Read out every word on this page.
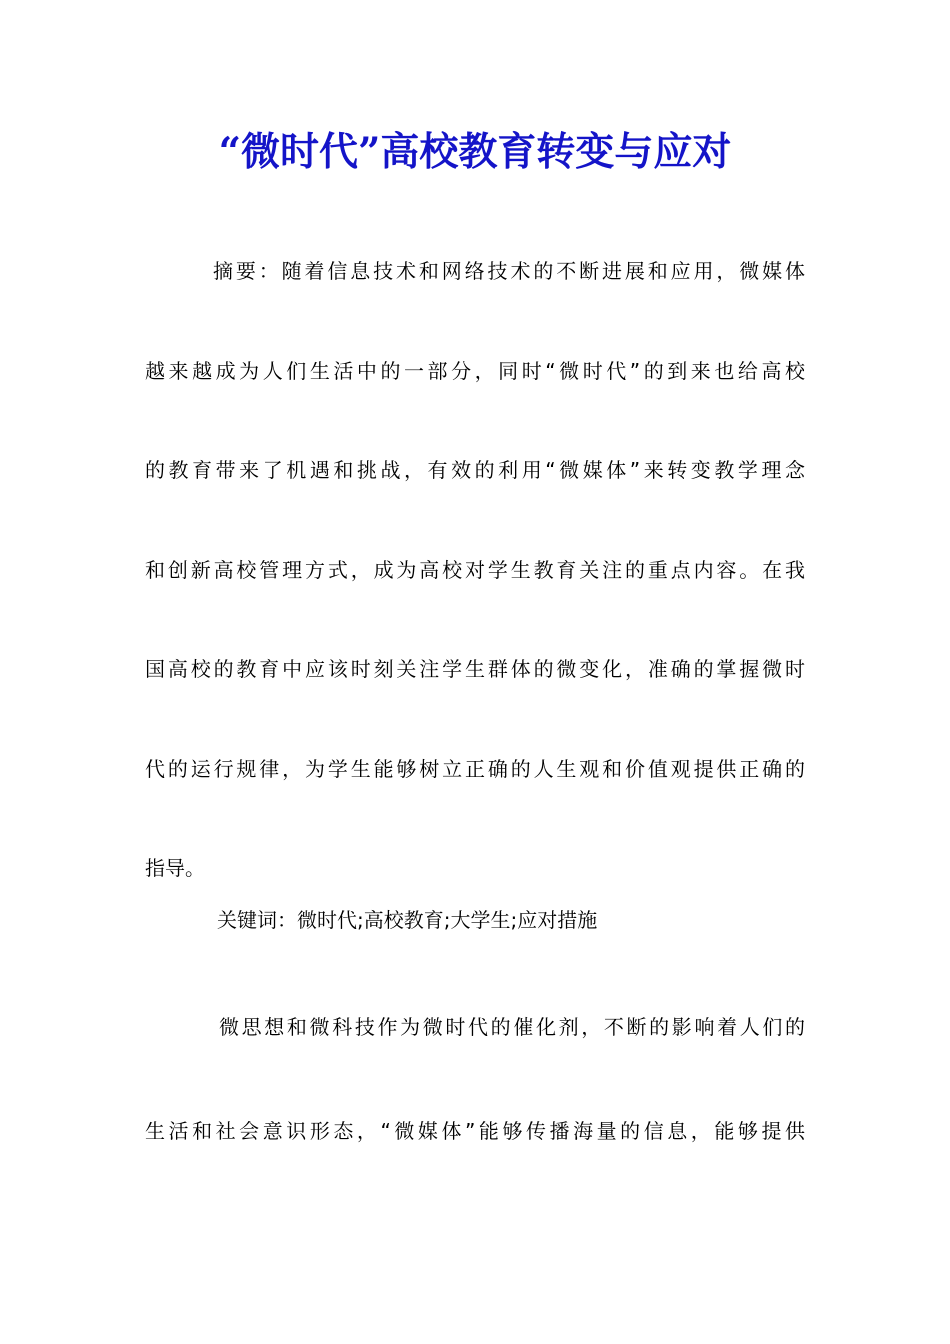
“微时代”高校教育转变与应对
摘要：随着信息技术和网络技术的不断进展和应用，微媒体
越来越成为人们生活中的一部分，同时“微时代”的到来也给高校
的教育带来了机遇和挑战，有效的利用“微媒体”来转变教学理念
和创新高校管理方式，成为高校对学生教育关注的重点内容。在我
国高校的教育中应该时刻关注学生群体的微变化，准确的掌握微时
代的运行规律，为学生能够树立正确的人生观和价值观提供正确的
指导。
关键词：微时代;高校教育;大学生;应对措施
微思想和微科技作为微时代的催化剂，不断的影响着人们的
生活和社会意识形态，“微媒体”能够传播海量的信息，能够提供
